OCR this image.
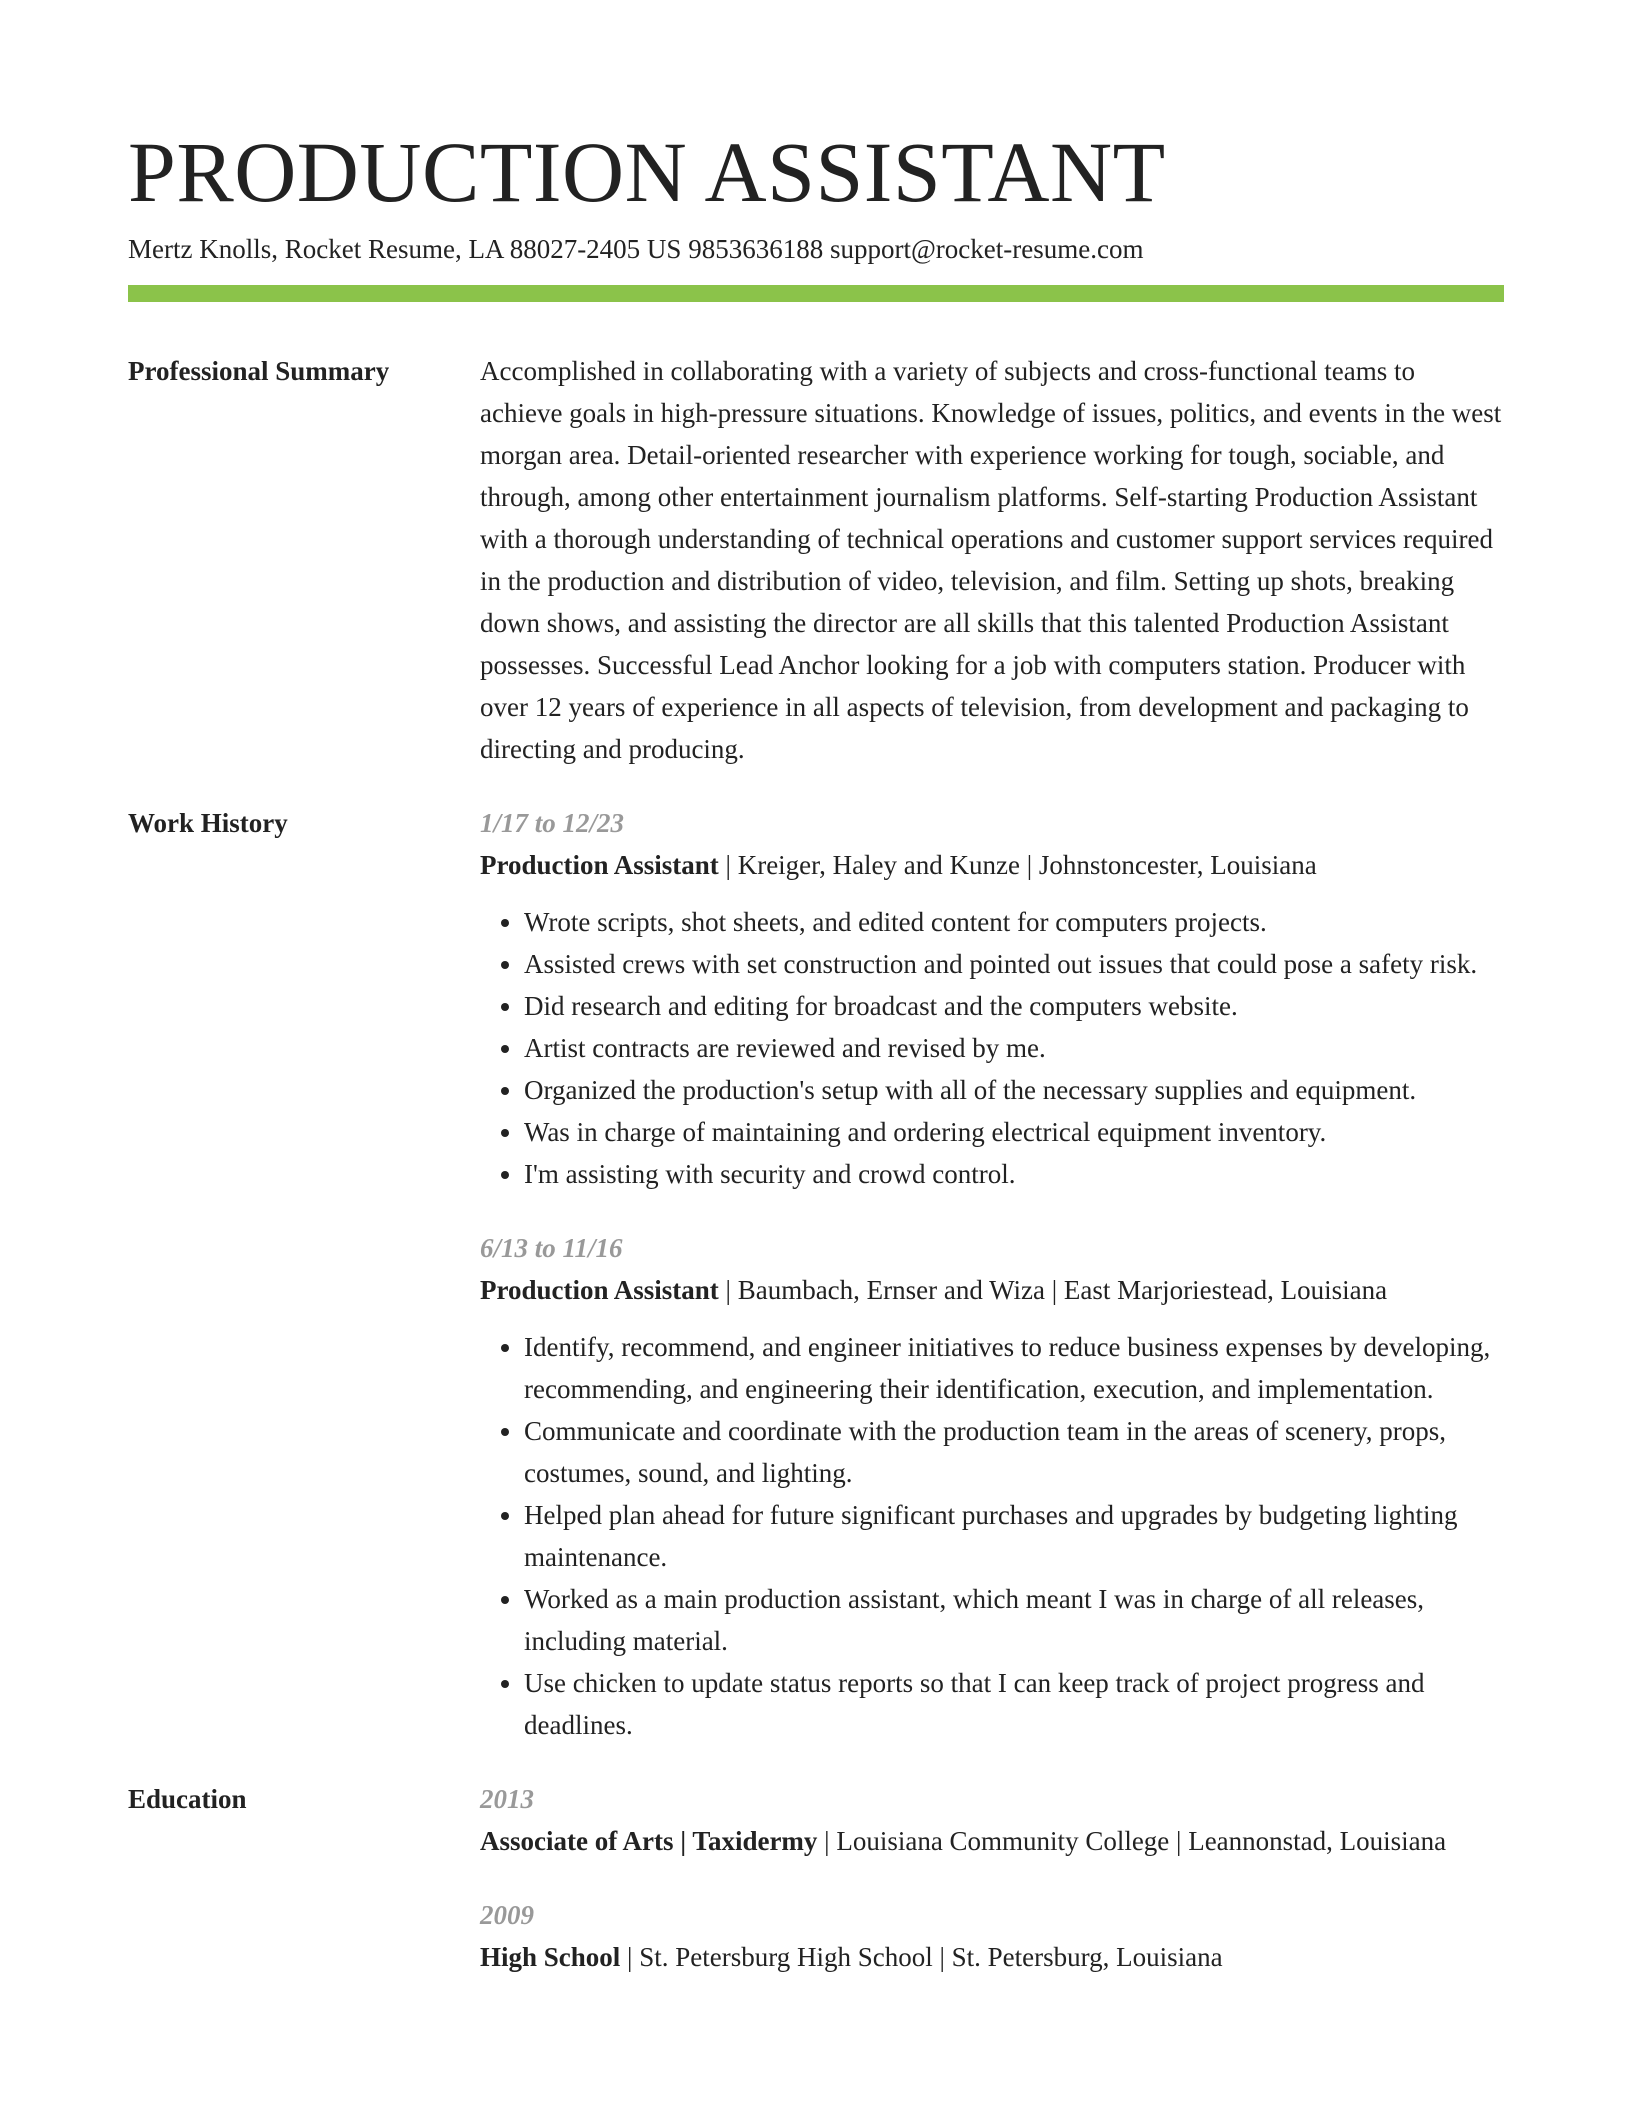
PRODUCTION ASSISTANT
Mertz Knolls, Rocket Resume, LA 88027-2405 US 9853636188 support@rocket-resume.com
Professional Summary	Accomplished in collaborating with a variety of subjects and cross-functional teams to achieve goals in high-pressure situations. Knowledge of issues, politics, and events in the west morgan area. Detail-oriented researcher with experience working for tough, sociable, and through, among other entertainment journalism platforms. Self-starting Production Assistant with a thorough understanding of technical operations and customer support services required in the production and distribution of video, television, and film. Setting up shots, breaking down shows, and assisting the director are all skills that this talented Production Assistant possesses. Successful Lead Anchor looking for a job with computers station. Producer with over 12 years of experience in all aspects of television, from development and packaging to directing and producing.

Work History	1/17 to 12/23
Production Assistant | Kreiger, Haley and Kunze | Johnstoncester, Louisiana
• Wrote scripts, shot sheets, and edited content for computers projects.
• Assisted crews with set construction and pointed out issues that could pose a safety risk.
• Did research and editing for broadcast and the computers website.
• Artist contracts are reviewed and revised by me.
• Organized the production's setup with all of the necessary supplies and equipment.
• Was in charge of maintaining and ordering electrical equipment inventory.
• I'm assisting with security and crowd control.
6/13 to 11/16
Production Assistant | Baumbach, Ernser and Wiza | East Marjoriestead, Louisiana
• Identify, recommend, and engineer initiatives to reduce business expenses by developing, recommending, and engineering their identification, execution, and implementation.
• Communicate and coordinate with the production team in the areas of scenery, props, costumes, sound, and lighting.
• Helped plan ahead for future significant purchases and upgrades by budgeting lighting maintenance.
• Worked as a main production assistant, which meant I was in charge of all releases, including material.
• Use chicken to update status reports so that I can keep track of project progress and deadlines.
Education	2013
Associate of Arts | Taxidermy | Louisiana Community College | Leannonstad, Louisiana
2009
High School | St. Petersburg High School | St. Petersburg, Louisiana
